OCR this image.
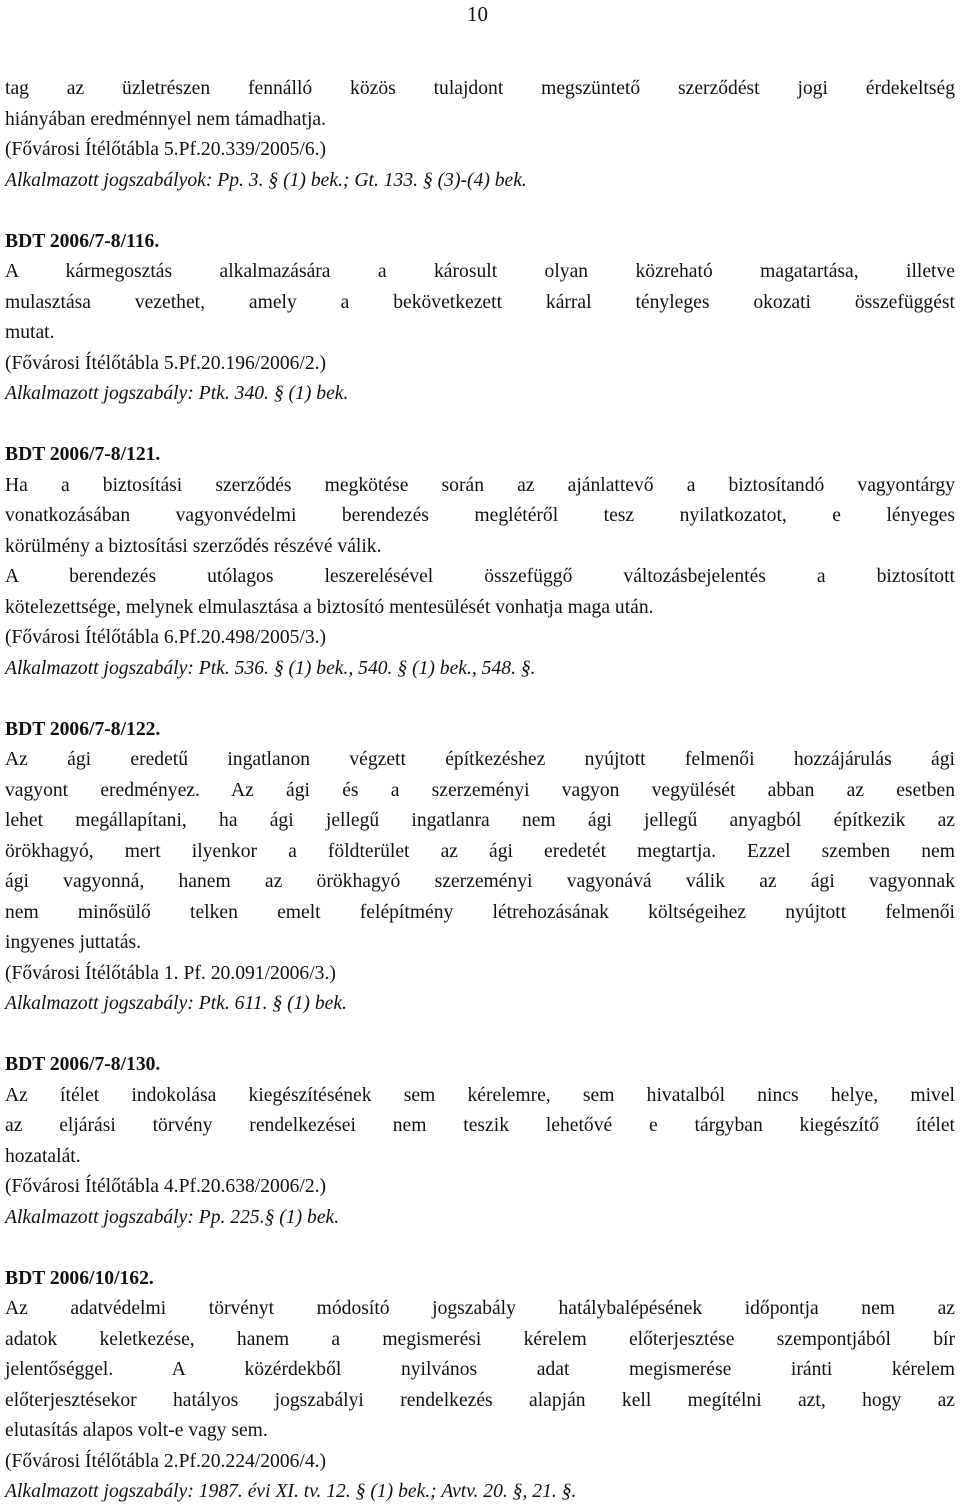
10
tag az üzletrészen fennálló közös tulajdont megszüntető szerződést jogi érdekeltség
hiányában eredménnyel nem támadhatja.
(Fővárosi Ítélőtábla 5.Pf.20.339/2005/6.)
Alkalmazott jogszabályok: Pp. 3. § (1) bek.; Gt. 133. § (3)-(4) bek.
BDT 2006/7-8/116.
A kármegosztás alkalmazására a károsult olyan közreható magatartása, illetve
mulasztása vezethet, amely a bekövetkezett kárral tényleges okozati összefüggést
mutat.
(Fővárosi Ítélőtábla 5.Pf.20.196/2006/2.)
Alkalmazott jogszabály: Ptk. 340. § (1) bek.
BDT 2006/7-8/121.
Ha a biztosítási szerződés megkötése során az ajánlattevő a biztosítandó vagyontárgy
vonatkozásában vagyonvédelmi berendezés meglétéről tesz nyilatkozatot, e lényeges
körülmény a biztosítási szerződés részévé válik.
A berendezés utólagos leszerelésével összefüggő változásbejelentés a biztosított
kötelezettsége, melynek elmulasztása a biztosító mentesülését vonhatja maga után.
(Fővárosi Ítélőtábla 6.Pf.20.498/2005/3.)
Alkalmazott jogszabály: Ptk. 536. § (1) bek., 540. § (1) bek., 548. §.
BDT 2006/7-8/122.
Az ági eredetű ingatlanon végzett építkezéshez nyújtott felmenői hozzájárulás ági
vagyont eredményez. Az ági és a szerzeményi vagyon vegyülését abban az esetben
lehet megállapítani, ha ági jellegű ingatlanra nem ági jellegű anyagból építkezik az
örökhagyó, mert ilyenkor a földterület az ági eredetét megtartja. Ezzel szemben nem
ági vagyonná, hanem az örökhagyó szerzeményi vagyonává válik az ági vagyonnak
nem minősülő telken emelt felépítmény létrehozásának költségeihez nyújtott felmenői
ingyenes juttatás.
(Fővárosi Ítélőtábla 1. Pf. 20.091/2006/3.)
Alkalmazott jogszabály: Ptk. 611. § (1) bek.
BDT 2006/7-8/130.
Az ítélet indokolása kiegészítésének sem kérelemre, sem hivatalból nincs helye, mivel
az eljárási törvény rendelkezései nem teszik lehetővé e tárgyban kiegészítő ítélet
hozatalát.
(Fővárosi Ítélőtábla 4.Pf.20.638/2006/2.)
Alkalmazott jogszabály: Pp. 225.§ (1) bek.
BDT 2006/10/162.
Az adatvédelmi törvényt módosító jogszabály hatálybalépésének időpontja nem az
adatok keletkezése, hanem a megismerési kérelem előterjesztése szempontjából bír
jelentőséggel. A közérdekből nyilvános adat megismerése iránti kérelem
előterjesztésekor hatályos jogszabályi rendelkezés alapján kell megítélni azt, hogy az
elutasítás alapos volt-e vagy sem.
(Fővárosi Ítélőtábla 2.Pf.20.224/2006/4.)
Alkalmazott jogszabály: 1987. évi XI. tv. 12. § (1) bek.; Avtv. 20. §, 21. §.
